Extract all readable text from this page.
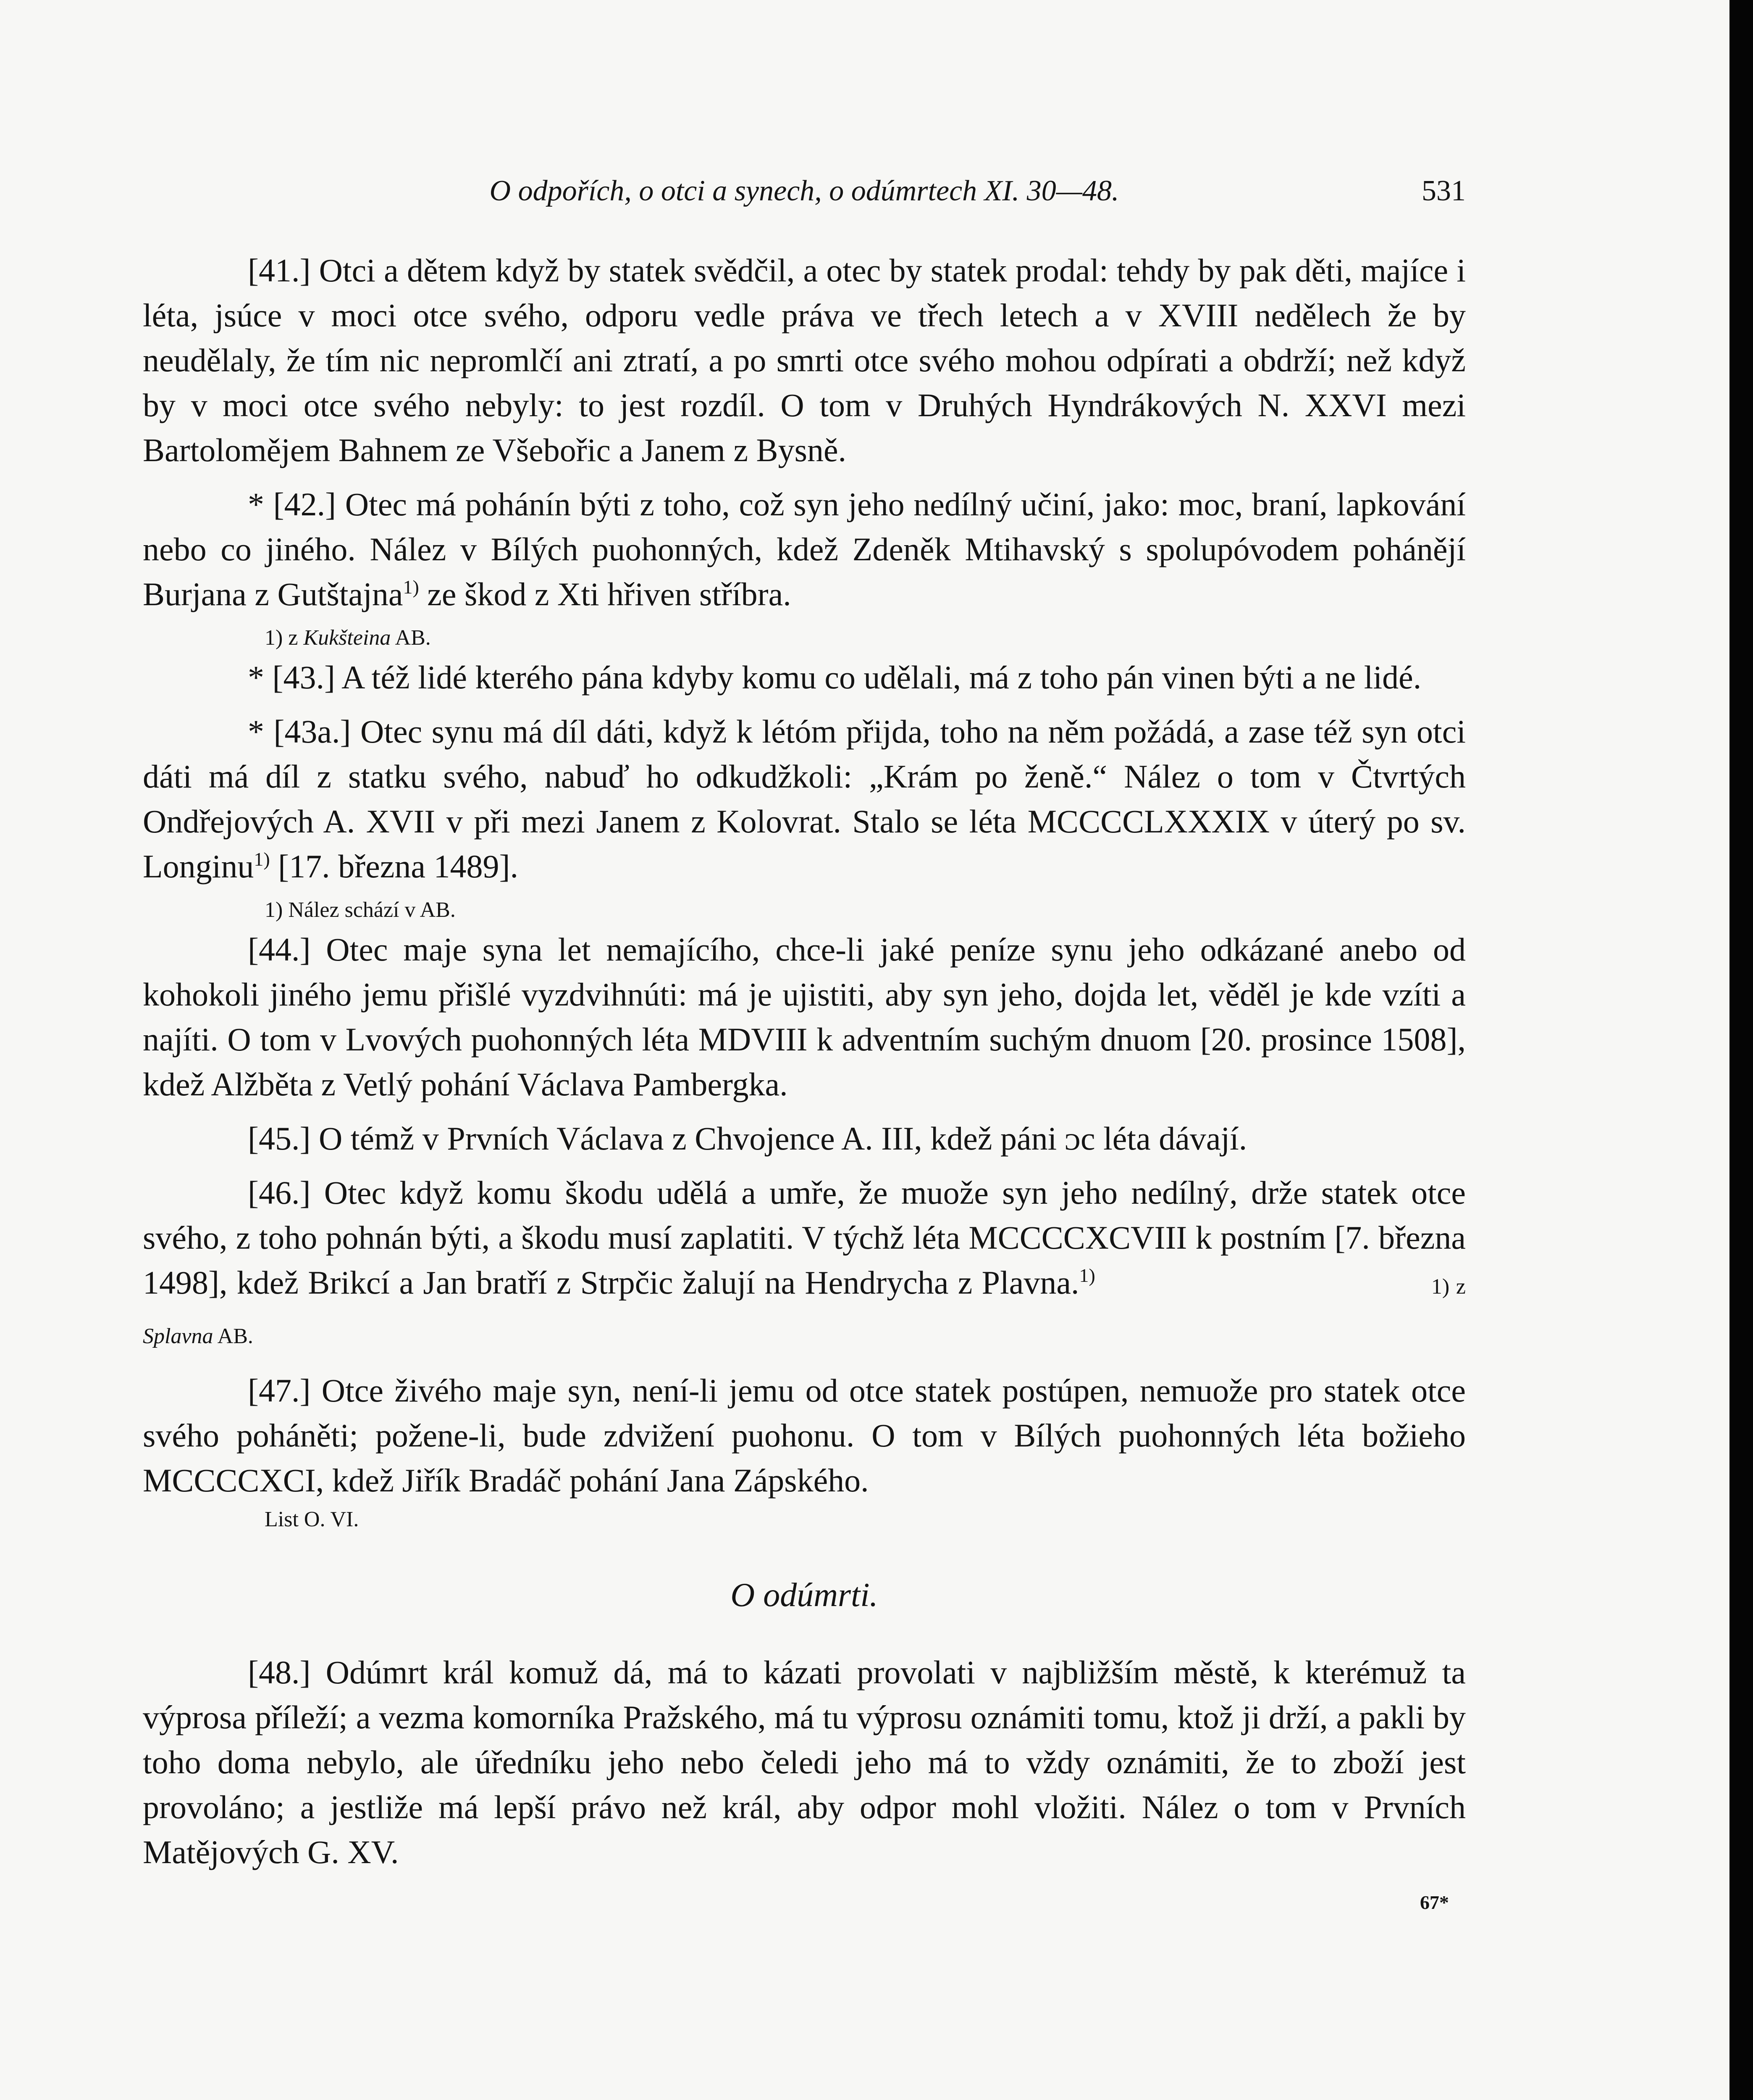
O odpořích, o otci a synech, o odúmrtech XI. 30—48.	531

[41.] Otci a dětem když by statek svědčil, a otec by statek prodal: tehdy by pak děti, majíce i léta, jsúce v moci otce svého, odporu vedle práva ve třech letech a v XVIII nedělech že by neudělaly, že tím nic nepromlčí ani ztratí, a po smrti otce svého mohou odpírati a obdrží; než když by v moci otce svého nebyly: to jest rozdíl. O tom v Druhých Hyndrákových N. XXVI mezi Bartolomějem Bahnem ze Všebořic a Janem z Bysně.

* [42.] Otec má pohánín býti z toho, což syn jeho nedílný učiní, jako: moc, braní, lapkování nebo co jiného. Nález v Bílých puohonných, kdež Zdeněk Mtihavský s spolupóvodem pohánějí Burjana z Gutštajna$^{1)}$ ze škod z Xti hřiven stříbra.

1) z Kukšteina AB.

* [43.] A též lidé kterého pána kdyby komu co udělali, má z toho pán vinen býti a ne lidé.

* [43a.] Otec synu má díl dáti, když k létóm přijda, toho na něm požádá, a zase též syn otci dáti má díl z statku svého, nabuď ho odkudžkoli: „Krám po ženě.“ Nález o tom v Čtvrtých Ondřejových A. XVII v při mezi Janem z Kolovrat. Stalo se léta MCCCCLXXXIX v úterý po sv. Longinu$^{1)}$ [17. března 1489].

1) Nález schází v AB.

[44.] Otec maje syna let nemajícího, chce-li jaké peníze synu jeho odkázané anebo od kohokoli jiného jemu přišlé vyzdvihnúti: má je ujistiti, aby syn jeho, dojda let, věděl je kde vzíti a najíti. O tom v Lvových puohonných léta MDVIII k adventním suchým dnuom [20. prosince 1508], kdež Alžběta z Vetlý pohání Václava Pambergka.

[45.] O témž v Prvních Václava z Chvojence A. III, kdež páni ᴐc léta dávají.

[46.] Otec když komu škodu udělá a umře, že muože syn jeho nedílný, drže statek otce svého, z toho pohnán býti, a škodu musí zaplatiti. V týchž léta MCCCCXCVIII k postním [7. března 1498], kdež Brikcí a Jan bratří z Strpčic žalují na Hendrycha z Plavna.$^{1)}$	1) z Splavna AB.

[47.] Otce živého maje syn, není-li jemu od otce statek postúpen, nemuože pro statek otce svého poháněti; požene-li, bude zdvižení puohonu. O tom v Bílých puohonných léta božieho MCCCCXCI, kdež Jiřík Bradáč pohání Jana Zápského.

List O. VI.
O odúmrti.

[48.] Odúmrt král komuž dá, má to kázati provolati v najbližším městě, k kterémuž ta výprosa příleží; a vezma komorníka Pražského, má tu výprosu oznámiti tomu, ktož ji drží, a pakli by toho doma nebylo, ale úředníku jeho nebo čeledi jeho má to vždy oznámiti, že to zboží jest provoláno; a jestliže má lepší právo než král, aby odpor mohl vložiti. Nález o tom v Prvních Matějových G. XV.

67*
